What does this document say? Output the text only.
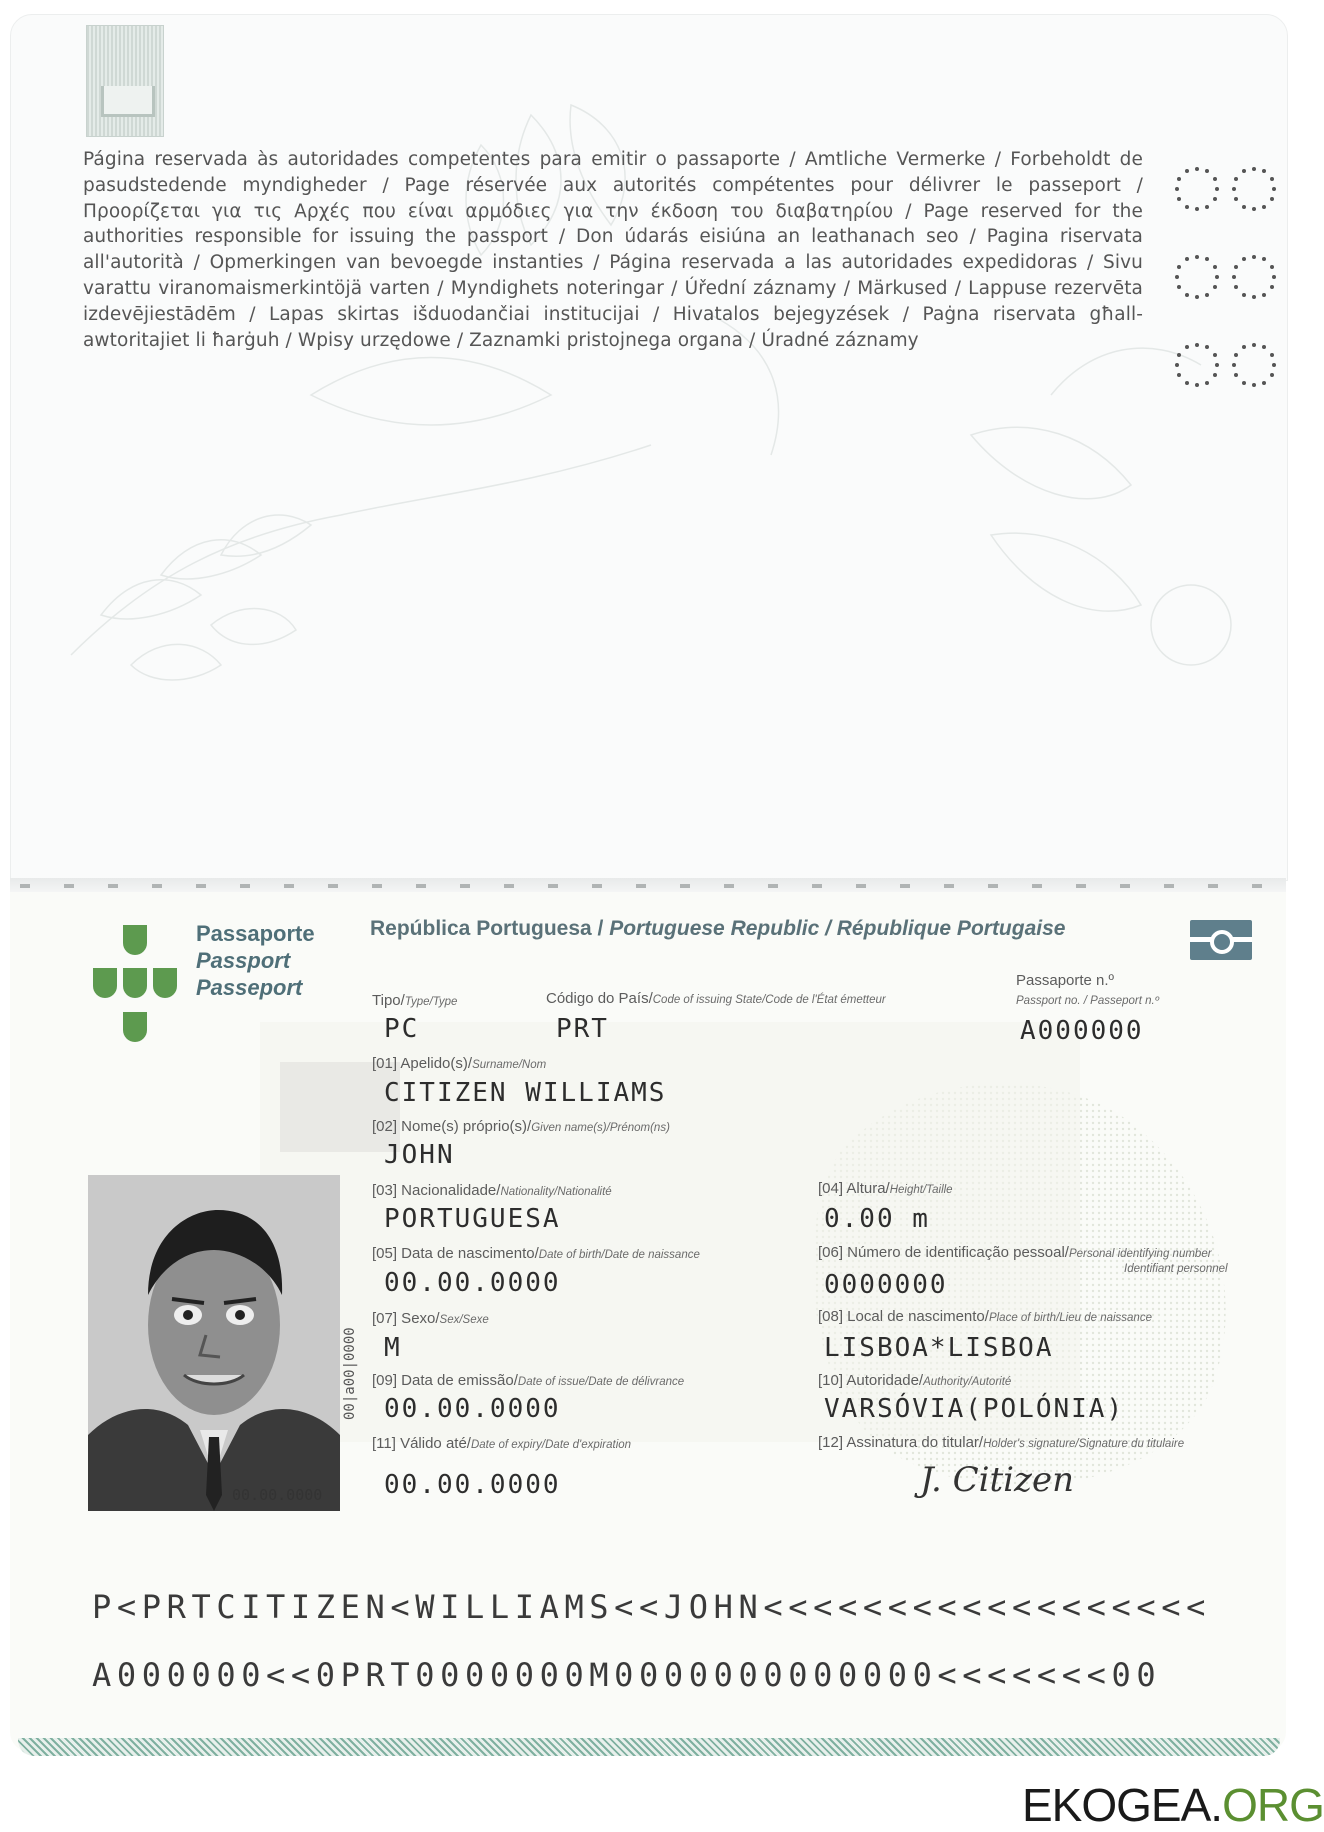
Página reservada às autoridades competentes para emitir o passaporte / Amtliche Vermerke / Forbeholdt de pasudstedende myndigheder / Page réservée aux autorités compétentes pour délivrer le passeport / Προορίζεται για τις Αρχές που είναι αρμόδιες για την έκδοση του διαβατηρίου / Page reserved for the authorities responsible for issuing the passport / Don údarás eisiúna an leathanach seo / Pagina riservata all'autorità / Opmerkingen van bevoegde instanties / Página reservada a las autoridades expedidoras / Sivu varattu viranomaismerkintöjä varten / Myndighets noteringar / Úřední záznamy / Märkused / Lappuse rezervēta izdevējiestādēm / Lapas skirtas išduodančiai institucijai / Hivatalos bejegyzések / Paġna riservata għall-awtoritajiet li ħarġuh / Wpisy urzędowe / Zaznamki pristojnega organa / Úradné záznamy

Passaporte
Passport
Passeport
República Portuguesa / Portuguese Republic / République Portugaise
Passaporte n.º
Passport no. / Passeport n.º
A000000
Tipo/Type/Type
PC
Código do País/Code of issuing State/Code de l'État émetteur
PRT
[01] Apelido(s)/Surname/Nom
CITIZEN WILLIAMS
[02] Nome(s) próprio(s)/Given name(s)/Prénom(ns)
JOHN
00.00.0000
00|a00|0000
[03] Nacionalidade/Nationality/Nationalité
PORTUGUESA
[04] Altura/Height/Taille
0.00 m
[05] Data de nascimento/Date of birth/Date de naissance
00.00.0000
[06] Número de identificação pessoal/Personal identifying number
Identifiant personnel
0000000
[07] Sexo/Sex/Sexe
M
[08] Local de nascimento/Place of birth/Lieu de naissance
LISBOA*LISBOA
[09] Data de emissão/Date of issue/Date de délivrance
00.00.0000
[10] Autoridade/Authority/Autorité
VARSÓVIA(POLÓNIA)
[11] Válido até/Date of expiry/Date d'expiration
00.00.0000
[12] Assinatura do titular/Holder's signature/Signature du titulaire
J. Citizen
P<PRTCITIZEN<WILLIAMS<<JOHN<<<<<<<<<<<<<<<<<<
A000000<<0PRT0000000M0000000000000<<<<<<<00
EKOGEA.ORG
